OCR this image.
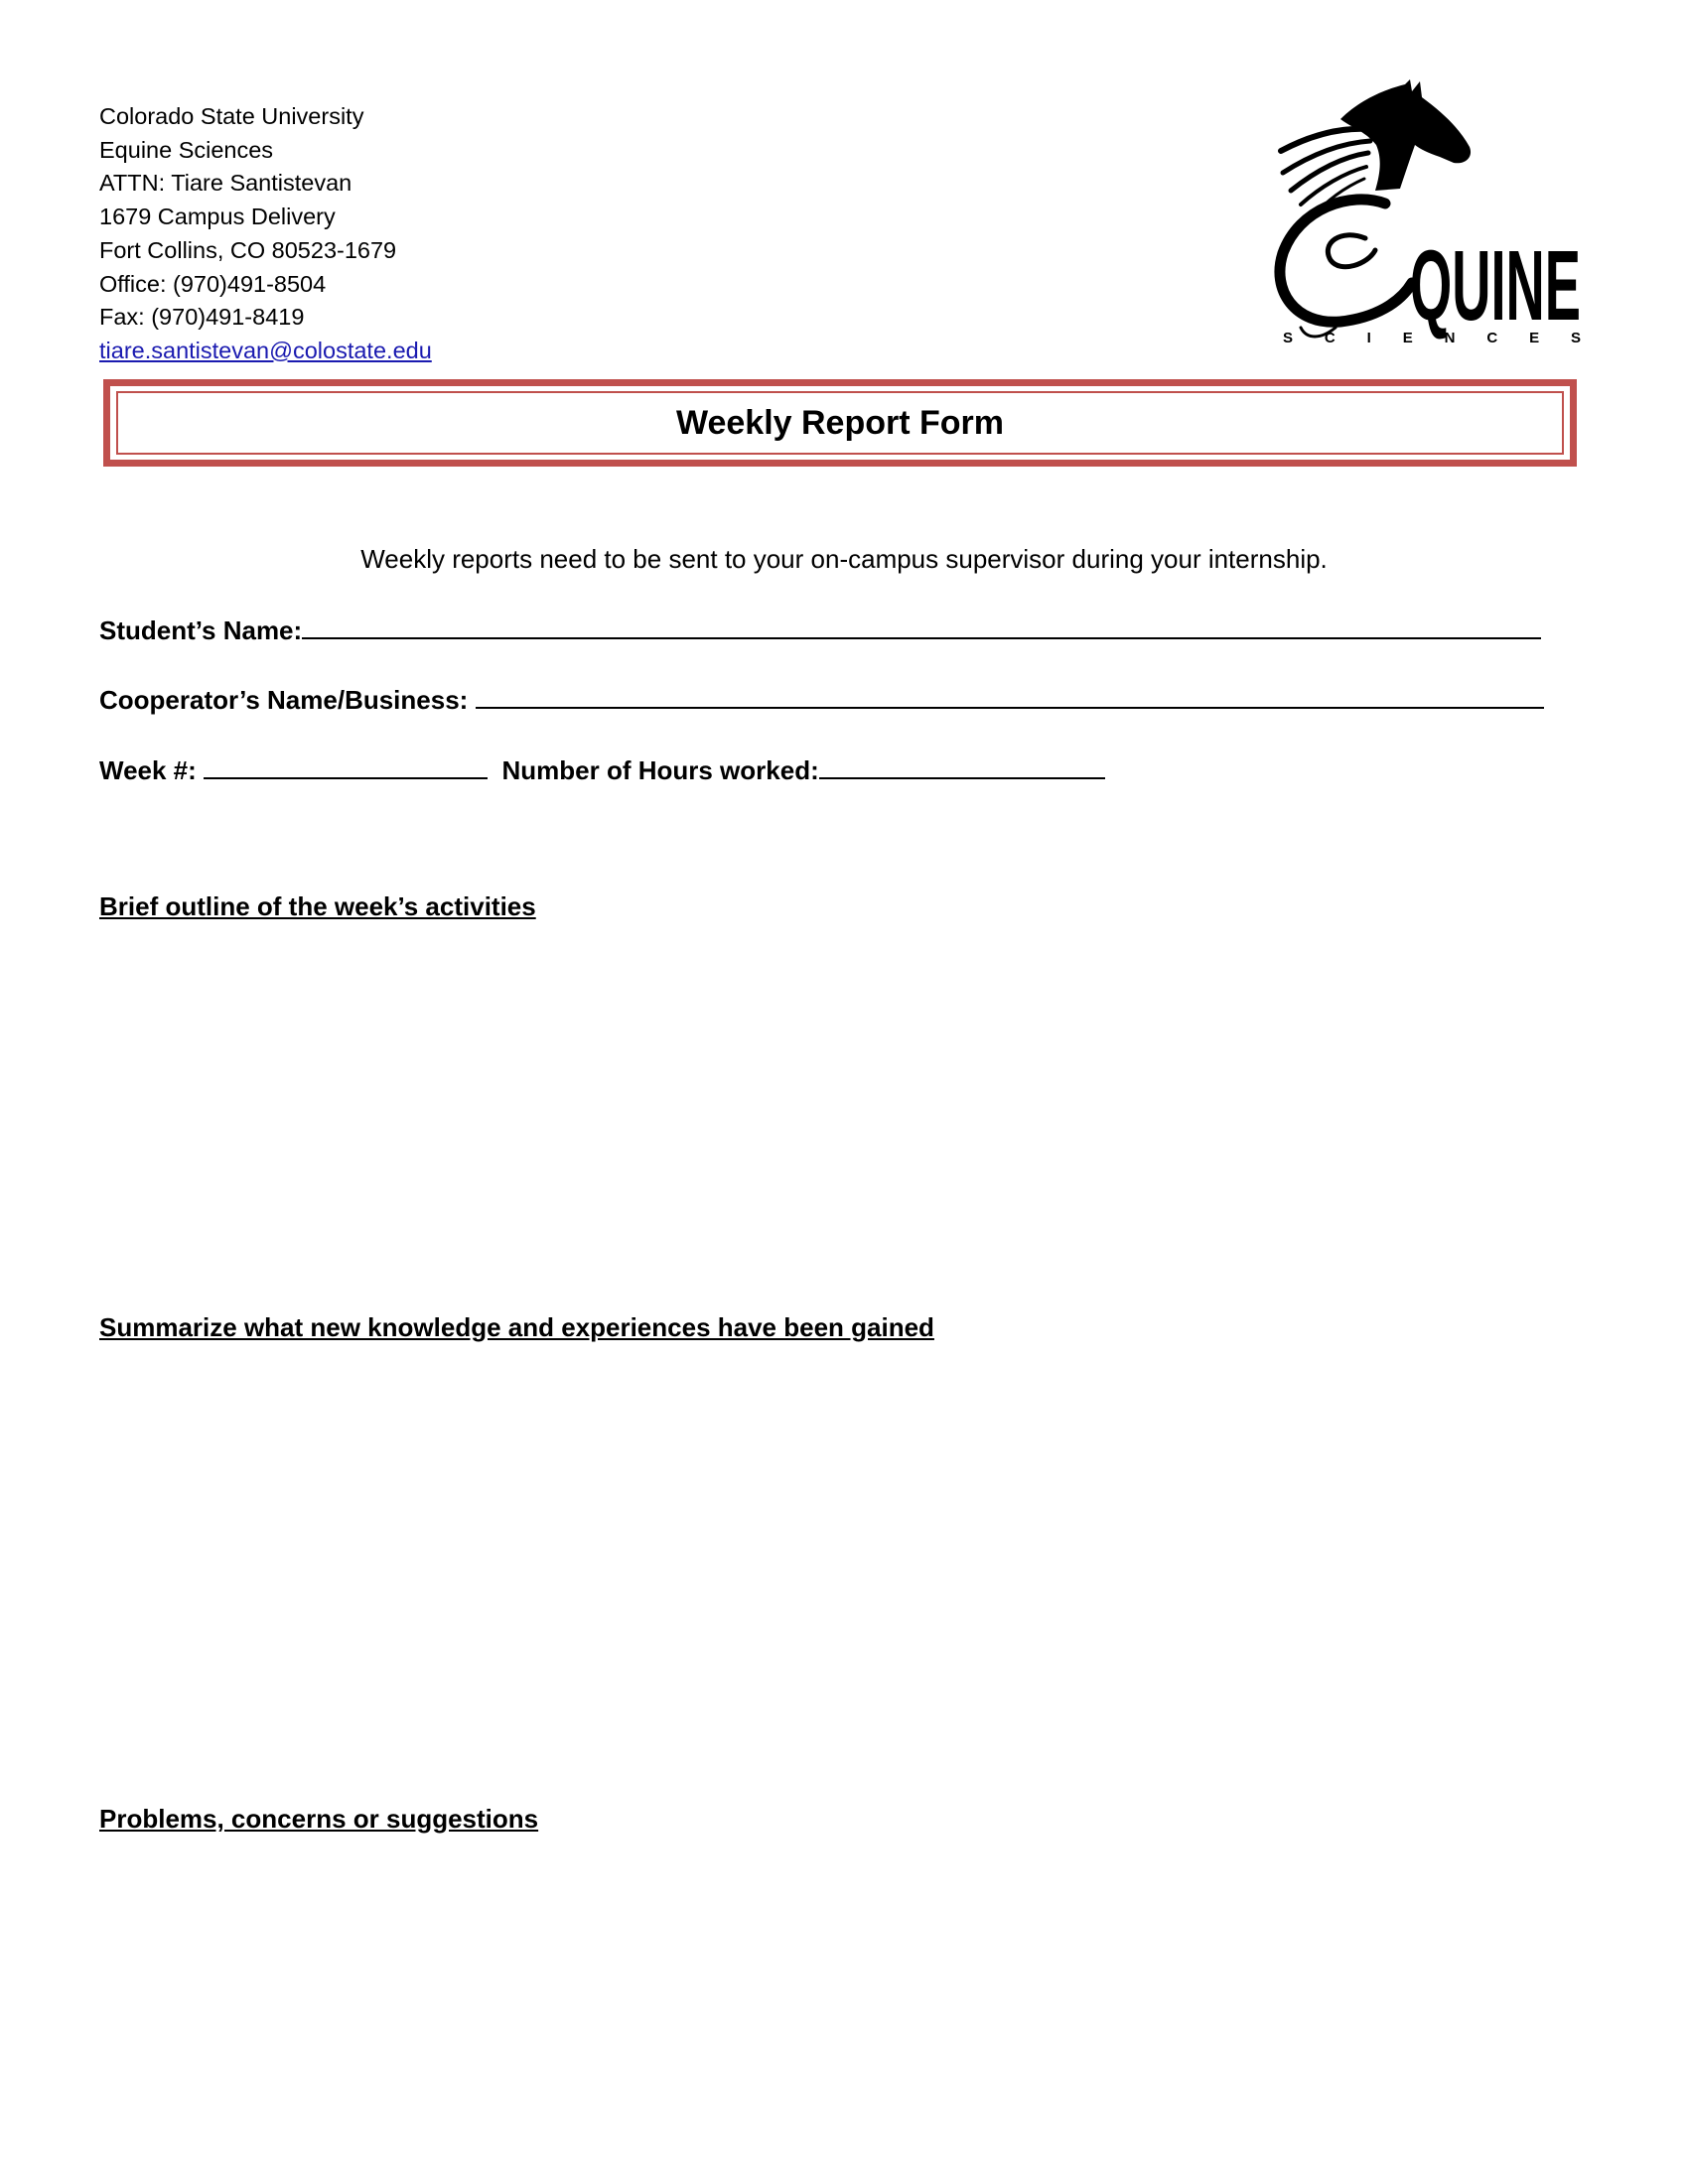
Colorado State University
Equine Sciences
ATTN: Tiare Santistevan
1679 Campus Delivery
Fort Collins, CO 80523-1679
Office: (970)491-8504
Fax: (970)491-8419
tiare.santistevan@colostate.edu
QUINE
S C I E N C E S
Weekly Report Form
Weekly reports need to be sent to your on-campus supervisor during your internship.
Student’s Name:
Cooperator’s Name/Business:
Week #:	Number of Hours worked:
Brief outline of the week’s activities
Summarize what new knowledge and experiences have been gained
Problems, concerns or suggestions
